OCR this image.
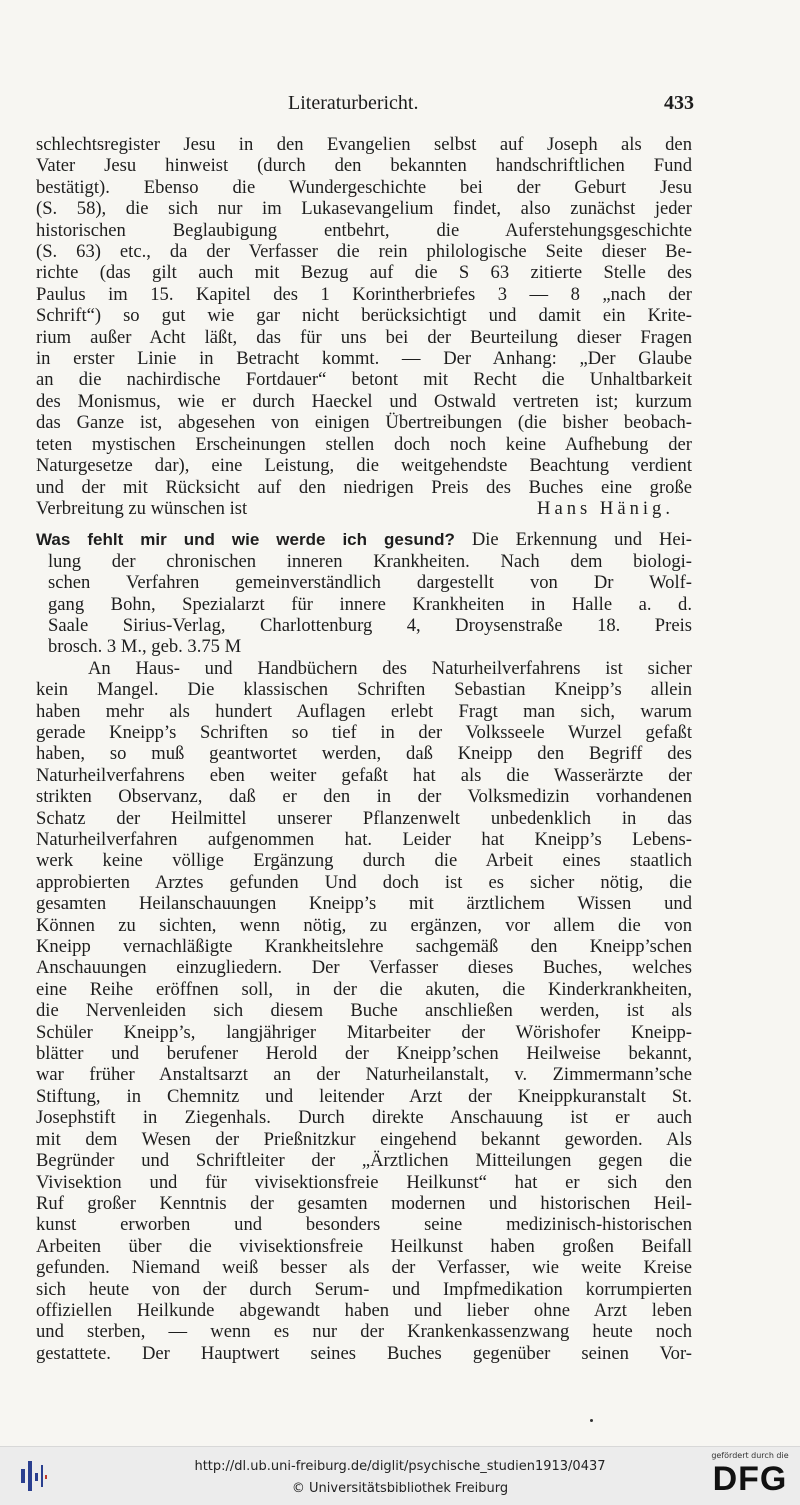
Literaturbericht.	433
schlechtsregister Jesu in den Evangelien selbst auf Joseph als den
Vater Jesu hinweist (durch den bekannten handschriftlichen Fund
bestätigt). Ebenso die Wundergeschichte bei der Geburt Jesu
(S. 58), die sich nur im Lukasevangelium findet, also zunächst jeder
historischen Beglaubigung entbehrt, die Auferstehungsgeschichte
(S. 63) etc., da der Verfasser die rein philologische Seite dieser Be-
richte (das gilt auch mit Bezug auf die S 63 zitierte Stelle des
Paulus im 15. Kapitel des 1 Korintherbriefes 3 — 8 „nach der
Schrift“) so gut wie gar nicht berücksichtigt und damit ein Krite-
rium außer Acht läßt, das für uns bei der Beurteilung dieser Fragen
in erster Linie in Betracht kommt. — Der Anhang: „Der Glaube
an die nachirdische Fortdauer“ betont mit Recht die Unhaltbarkeit
des Monismus, wie er durch Haeckel und Ostwald vertreten ist; kurzum
das Ganze ist, abgesehen von einigen Übertreibungen (die bisher beobach-
teten mystischen Erscheinungen stellen doch noch keine Aufhebung der
Naturgesetze dar), eine Leistung, die weitgehendste Beachtung verdient
und der mit Rücksicht auf den niedrigen Preis des Buches eine große
Verbreitung zu wünschen ist	Hans Hänig.
Was fehlt mir und wie werde ich gesund? Die Erkennung und Hei-
lung der chronischen inneren Krankheiten. Nach dem biologi-
schen Verfahren gemeinverständlich dargestellt von Dr Wolf-
gang Bohn, Spezialarzt für innere Krankheiten in Halle a. d.
Saale Sirius-Verlag, Charlottenburg 4, Droysenstraße 18. Preis
brosch. 3 M., geb. 3.75 M
An Haus- und Handbüchern des Naturheilverfahrens ist sicher
kein Mangel. Die klassischen Schriften Sebastian Kneipp’s allein
haben mehr als hundert Auflagen erlebt Fragt man sich, warum
gerade Kneipp’s Schriften so tief in der Volksseele Wurzel gefaßt
haben, so muß geantwortet werden, daß Kneipp den Begriff des
Naturheilverfahrens eben weiter gefaßt hat als die Wasserärzte der
strikten Observanz, daß er den in der Volksmedizin vorhandenen
Schatz der Heilmittel unserer Pflanzenwelt unbedenklich in das
Naturheilverfahren aufgenommen hat. Leider hat Kneipp’s Lebens-
werk keine völlige Ergänzung durch die Arbeit eines staatlich
approbierten Arztes gefunden Und doch ist es sicher nötig, die
gesamten Heilanschauungen Kneipp’s mit ärztlichem Wissen und
Können zu sichten, wenn nötig, zu ergänzen, vor allem die von
Kneipp vernachläßigte Krankheitslehre sachgemäß den Kneipp’schen
Anschauungen einzugliedern. Der Verfasser dieses Buches, welches
eine Reihe eröffnen soll, in der die akuten, die Kinderkrankheiten,
die Nervenleiden sich diesem Buche anschließen werden, ist als
Schüler Kneipp’s, langjähriger Mitarbeiter der Wörishofer Kneipp-
blätter und berufener Herold der Kneipp’schen Heilweise bekannt,
war früher Anstaltsarzt an der Naturheilanstalt, v. Zimmermann’sche
Stiftung, in Chemnitz und leitender Arzt der Kneippkuranstalt St.
Josephstift in Ziegenhals. Durch direkte Anschauung ist er auch
mit dem Wesen der Prießnitzkur eingehend bekannt geworden. Als
Begründer und Schriftleiter der „Ärztlichen Mitteilungen gegen die
Vivisektion und für vivisektionsfreie Heilkunst“ hat er sich den
Ruf großer Kenntnis der gesamten modernen und historischen Heil-
kunst erworben und besonders seine medizinisch-historischen
Arbeiten über die vivisektionsfreie Heilkunst haben großen Beifall
gefunden. Niemand weiß besser als der Verfasser, wie weite Kreise
sich heute von der durch Serum- und Impfmedikation korrumpierten
offiziellen Heilkunde abgewandt haben und lieber ohne Arzt leben
und sterben, — wenn es nur der Krankenkassenzwang heute noch
gestattete. Der Hauptwert seines Buches gegenüber seinen Vor-
http://dl.ub.uni-freiburg.de/diglit/psychische_studien1913/0437
© Universitätsbibliothek Freiburg
gefördert durch die
DFG
